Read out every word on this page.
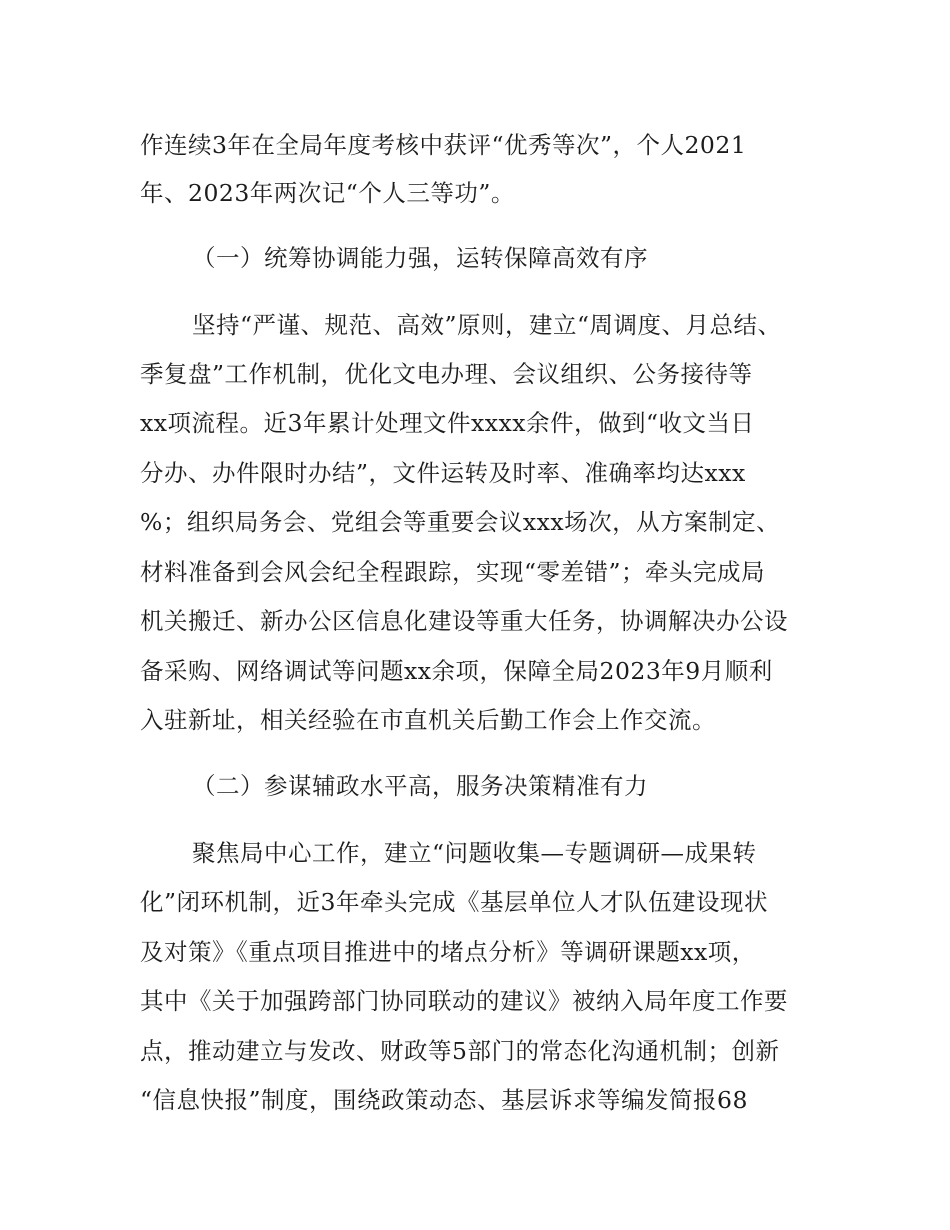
作连续3年在全局年度考核中获评“优秀等次”，个人2021
年、2023年两次记“个人三等功”。
（一）统筹协调能力强，运转保障高效有序
坚持“严谨、规范、高效”原则，建立“周调度、月总结、
季复盘”工作机制，优化文电办理、会议组织、公务接待等
xx项流程。近3年累计处理文件xxxx余件，做到“收文当日
分办、办件限时办结”，文件运转及时率、准确率均达xxx
%；组织局务会、党组会等重要会议xxx场次，从方案制定、
材料准备到会风会纪全程跟踪，实现“零差错”；牵头完成局
机关搬迁、新办公区信息化建设等重大任务，协调解决办公设
备采购、网络调试等问题xx余项，保障全局2023年9月顺利
入驻新址，相关经验在市直机关后勤工作会上作交流。
（二）参谋辅政水平高，服务决策精准有力
聚焦局中心工作，建立“问题收集—专题调研—成果转
化”闭环机制，近3年牵头完成《基层单位人才队伍建设现状
及对策》《重点项目推进中的堵点分析》等调研课题xx项，
其中《关于加强跨部门协同联动的建议》被纳入局年度工作要
点，推动建立与发改、财政等5部门的常态化沟通机制；创新
“信息快报”制度，围绕政策动态、基层诉求等编发简报68
